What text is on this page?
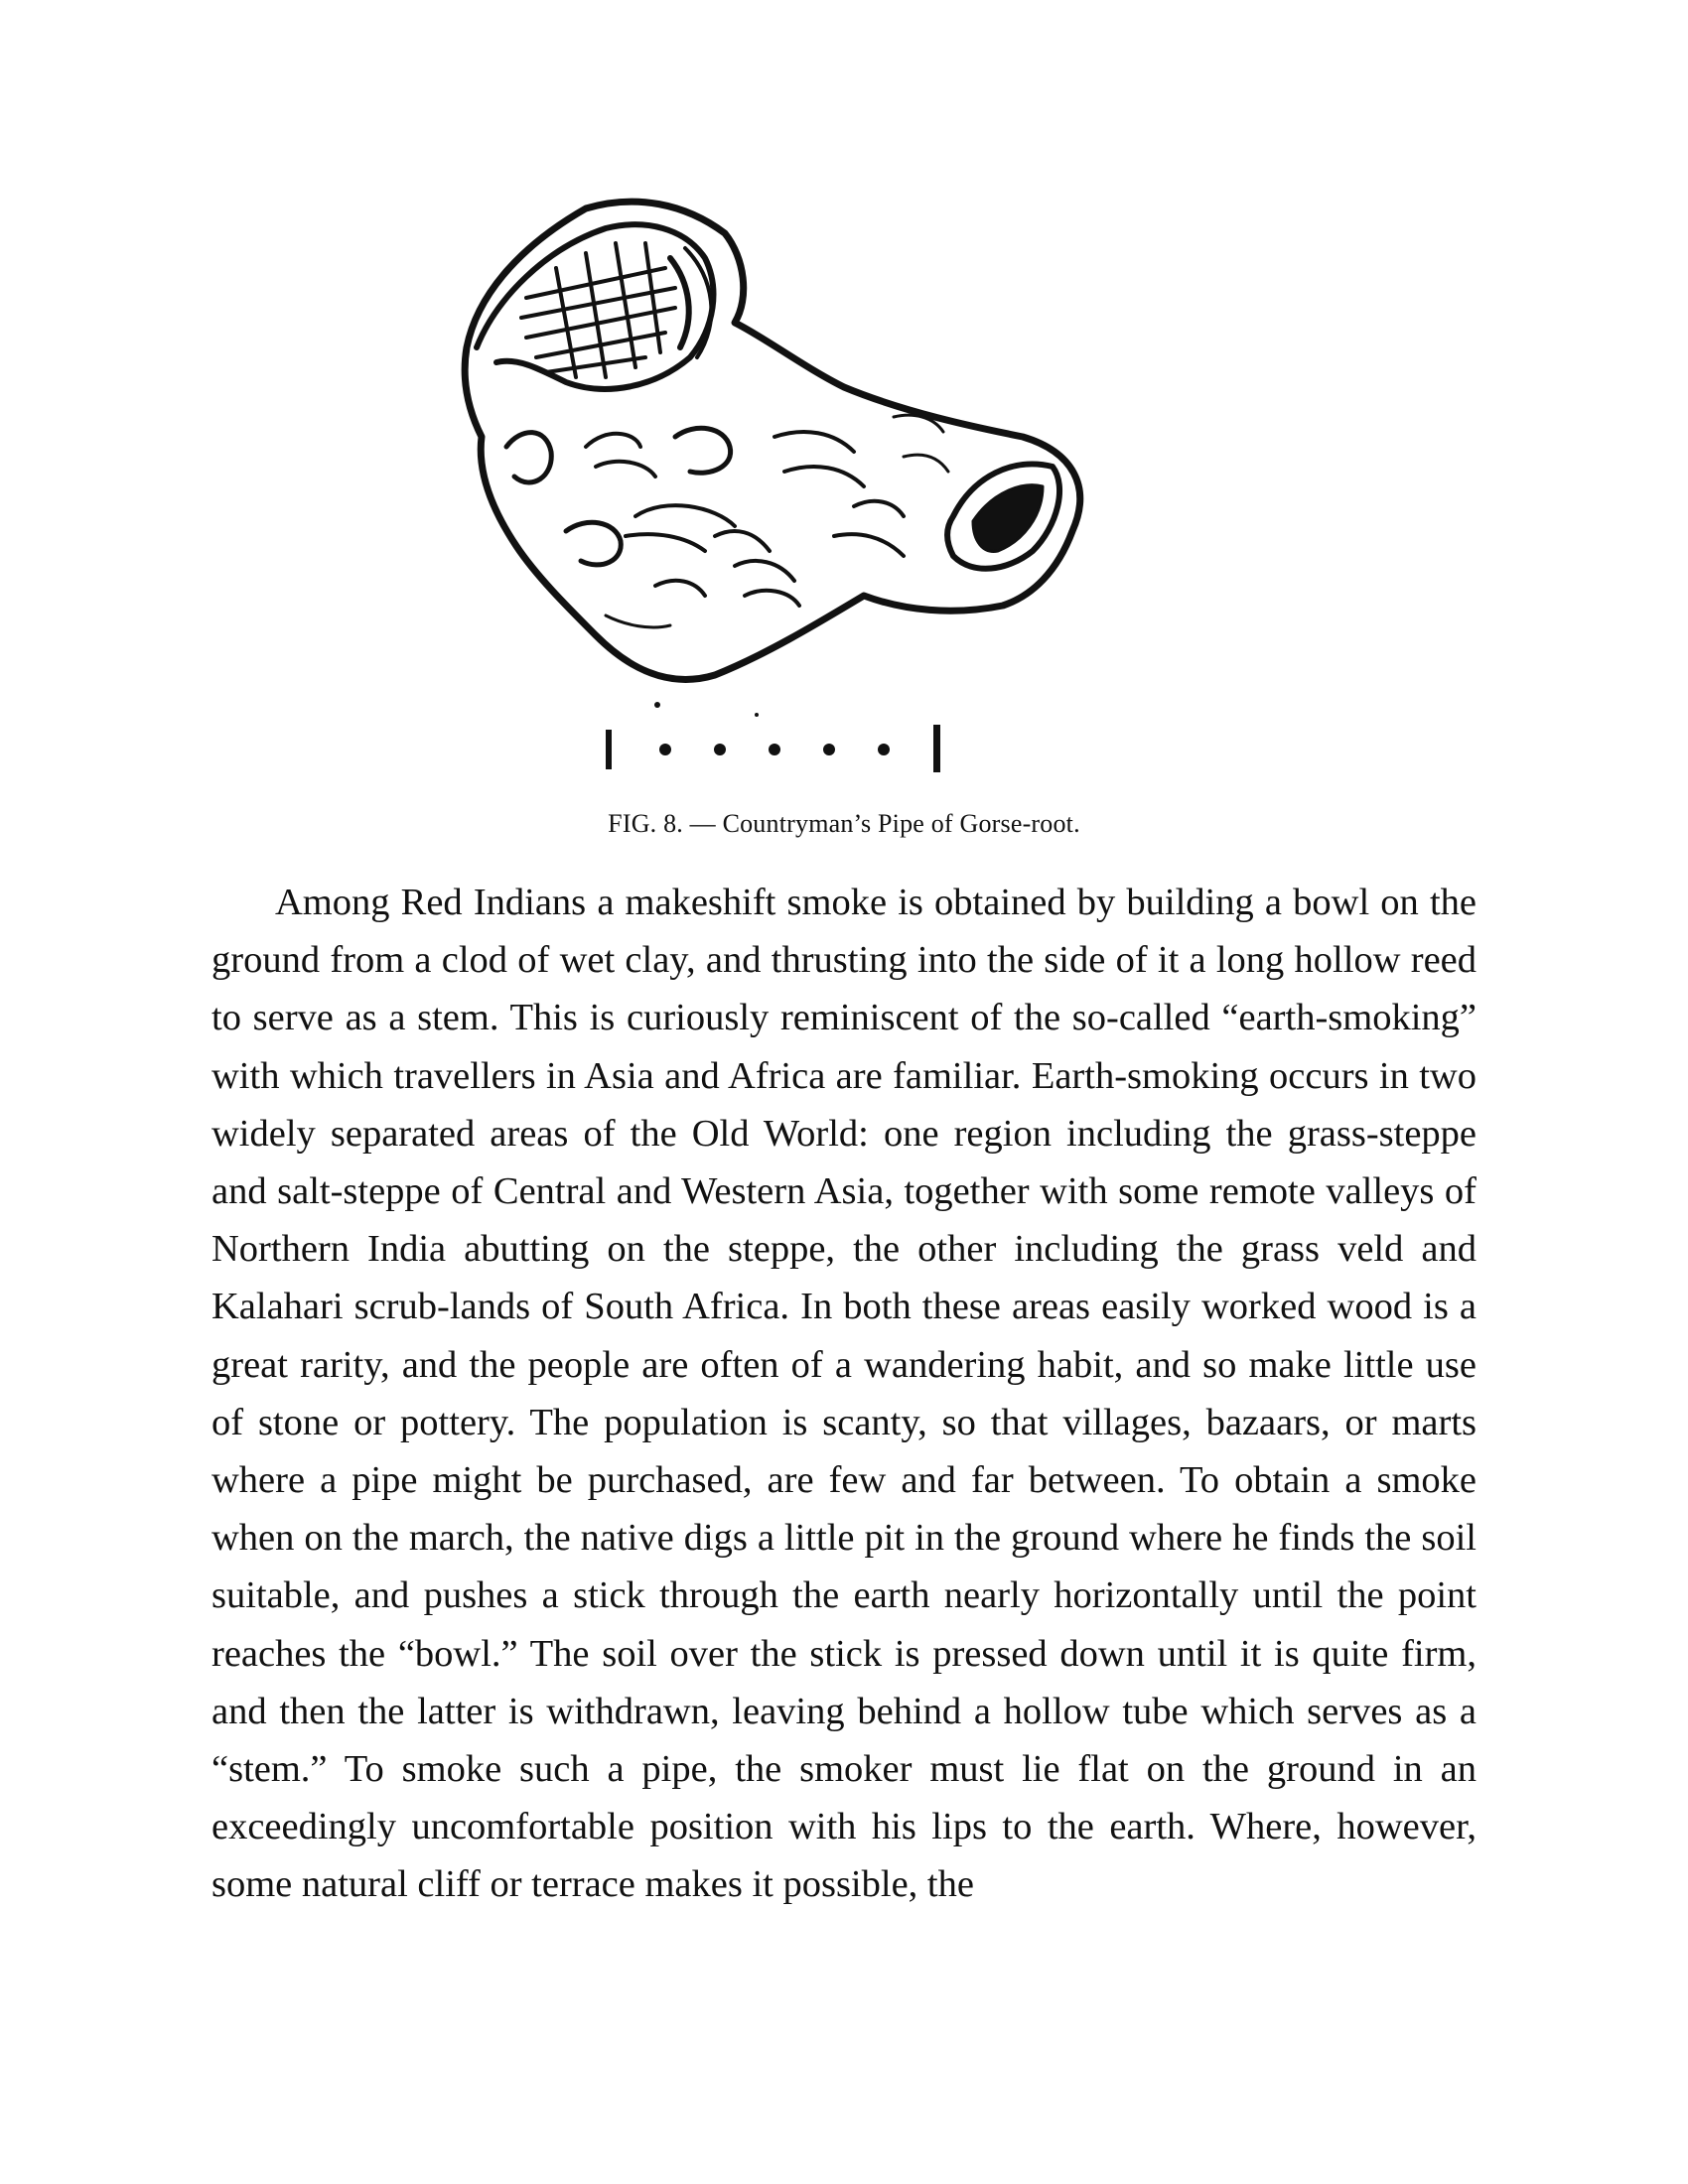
FIG. 8. — Countryman’s Pipe of Gorse-root.

Among Red Indians a makeshift smoke is obtained by building a bowl on the ground from a clod of wet clay, and thrusting into the side of it a long hollow reed to serve as a stem. This is curiously reminiscent of the so-called “earth-smoking” with which travellers in Asia and Africa are familiar. Earth-smoking occurs in two widely separated areas of the Old World: one region including the grass-steppe and salt-steppe of Central and Western Asia, together with some remote valleys of Northern India abutting on the steppe, the other including the grass veld and Kalahari scrub-lands of South Africa. In both these areas easily worked wood is a great rarity, and the people are often of a wandering habit, and so make little use of stone or pottery. The population is scanty, so that villages, bazaars, or marts where a pipe might be purchased, are few and far between. To obtain a smoke when on the march, the native digs a little pit in the ground where he finds the soil suitable, and pushes a stick through the earth nearly horizontally until the point reaches the “bowl.” The soil over the stick is pressed down until it is quite firm, and then the latter is withdrawn, leaving behind a hollow tube which serves as a “stem.” To smoke such a pipe, the smoker must lie flat on the ground in an exceedingly uncomfortable position with his lips to the earth. Where, however, some natural cliff or terrace makes it possible, the
